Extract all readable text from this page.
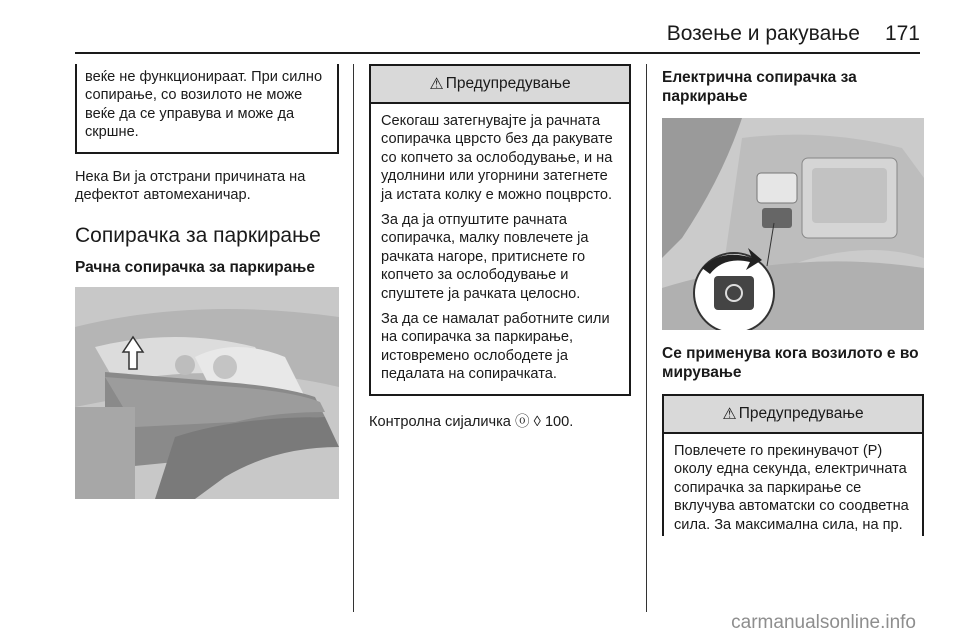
Возење и ракување 171
веќе не функционираат. При силно сопирање, со возилото не може веќе да се управува и може да скршне.
Нека Ви ја отстрани причината на дефектот автомеханичар.
Сопирачка за паркирање
Рачна сопирачка за паркирање
⚠ Предупредување
Секогаш затегнувајте ја рачната сопирачка цврсто без да ракувате со копчето за ослободување, и на удолнини или угорнини затегнете ја истата колку е можно поцврсто.
За да ја отпуштите рачната сопирачка, малку повлечете ја рачката нагоре, притиснете го копчето за ослободување и спуштете ја рачката целосно.
За да се намалат работните сили на сопирачка за паркирање, истовремено ослободете ја педалата на сопирачката.
Контролна сијаличка ⓞ ◊ 100.
Електрична сопирачка за паркирање
Се применува кога возилото е во мирување
⚠ Предупредување
Повлечете го прекинувачот (P) околу една секунда, електричната сопирачка за паркирање се вклучува автоматски со соодветна сила. За максимална сила, на пр.
carmanualsonline.info
